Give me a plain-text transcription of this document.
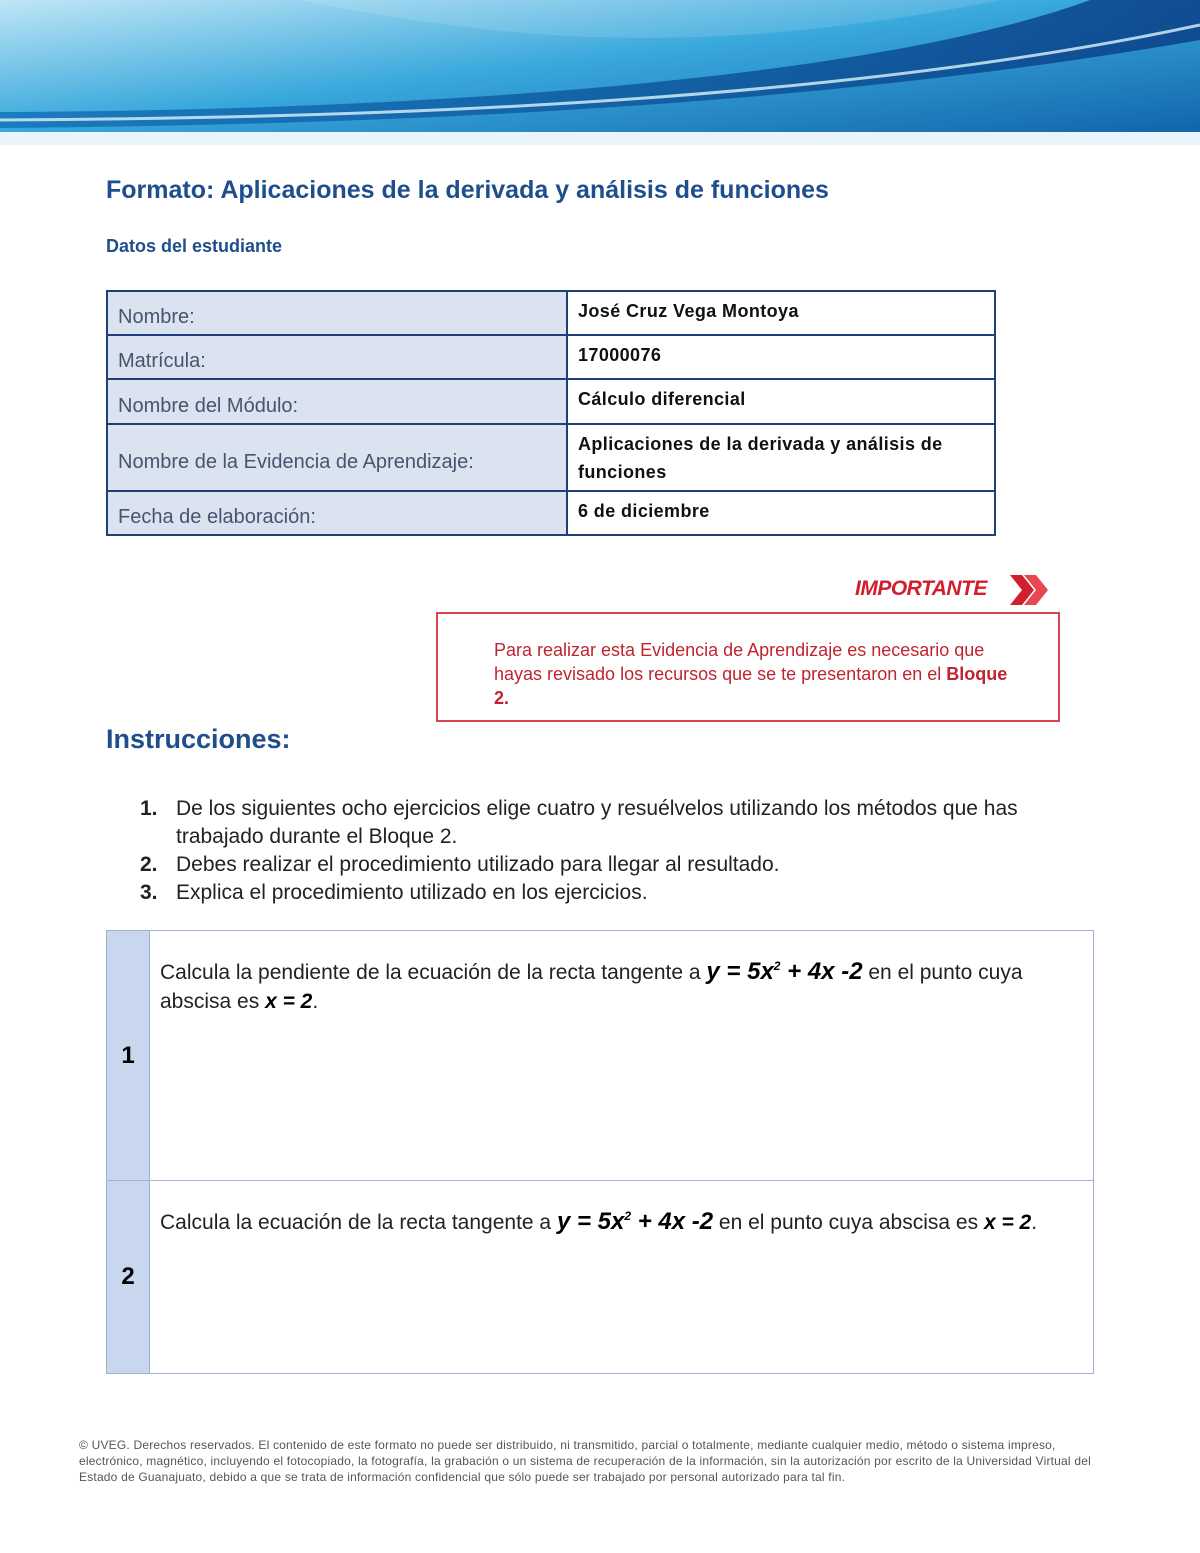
Formato: Aplicaciones de la derivada y análisis de funciones
Datos del estudiante
Nombre:	José Cruz Vega Montoya
Matrícula:	17000076
Nombre del Módulo:	Cálculo diferencial
Nombre de la Evidencia de Aprendizaje:	Aplicaciones de la derivada y análisis de funciones
Fecha de elaboración:	6 de diciembre
IMPORTANTE
Para realizar esta Evidencia de Aprendizaje es necesario que hayas revisado los recursos que se te presentaron en el Bloque 2.
Instrucciones:
1. De los siguientes ocho ejercicios elige cuatro y resuélvelos utilizando los métodos que has trabajado durante el Bloque 2.
2. Debes realizar el procedimiento utilizado para llegar al resultado.
3. Explica el procedimiento utilizado en los ejercicios.
1	Calcula la pendiente de la ecuación de la recta tangente a $y = 5x^2 + 4x$ -2 en el punto cuya abscisa es x = 2.
2	Calcula la ecuación de la recta tangente a $y = 5x^2 + 4x$ -2 en el punto cuya abscisa es x = 2.
© UVEG. Derechos reservados. El contenido de este formato no puede ser distribuido, ni transmitido, parcial o totalmente, mediante cualquier medio, método o sistema impreso, electrónico, magnético, incluyendo el fotocopiado, la fotografía, la grabación o un sistema de recuperación de la información, sin la autorización por escrito de la Universidad Virtual del Estado de Guanajuato, debido a que se trata de información confidencial que sólo puede ser trabajado por personal autorizado para tal fin.
